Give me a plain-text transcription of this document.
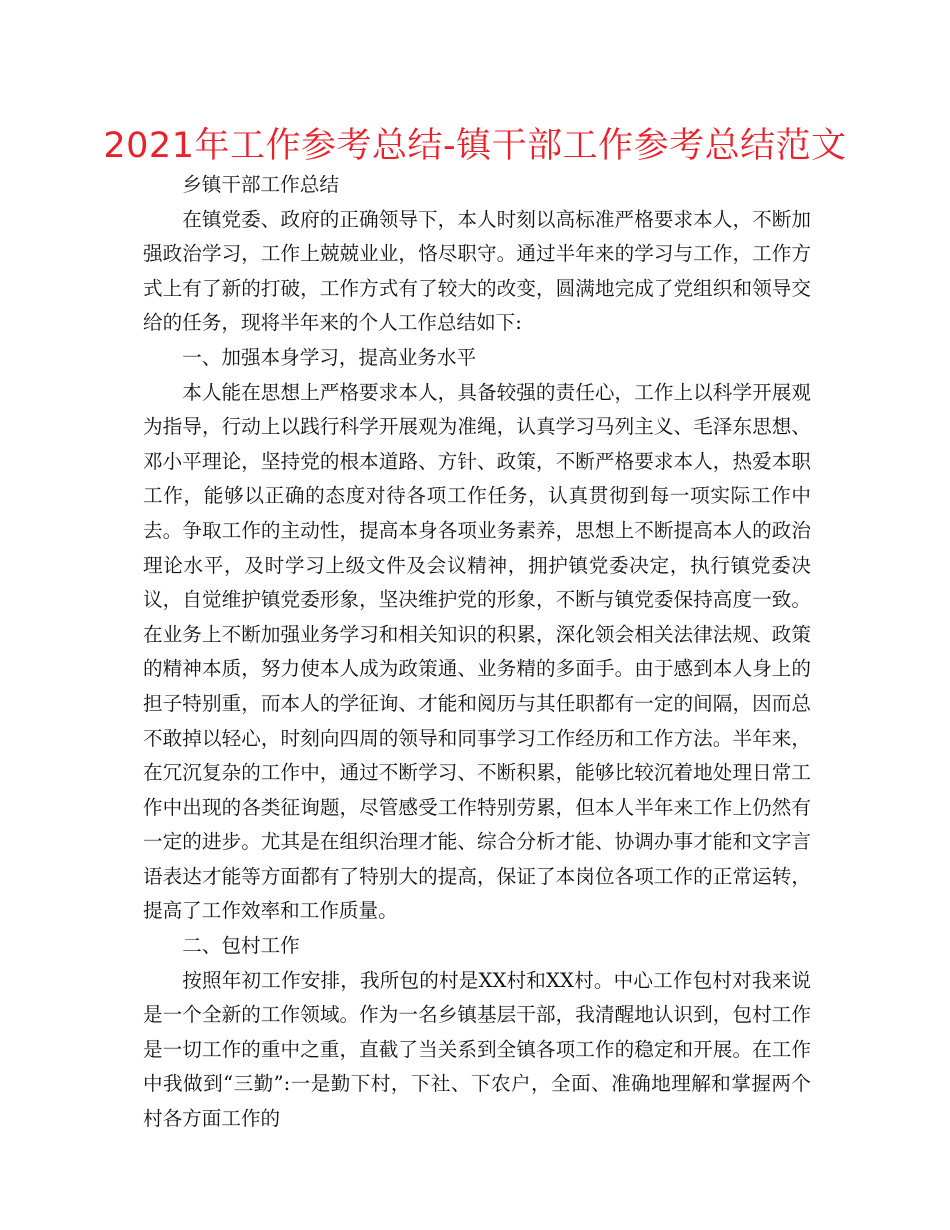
2021年工作参考总结-镇干部工作参考总结范文

乡镇干部工作总结

在镇党委、政府的正确领导下，本人时刻以高标准严格要求本人，不断加强政治学习，工作上兢兢业业，恪尽职守。通过半年来的学习与工作，工作方式上有了新的打破，工作方式有了较大的改变，圆满地完成了党组织和领导交给的任务，现将半年来的个人工作总结如下:

一、加强本身学习，提高业务水平

本人能在思想上严格要求本人，具备较强的责任心，工作上以科学开展观为指导，行动上以践行科学开展观为准绳，认真学习马列主义、毛泽东思想、邓小平理论，坚持党的根本道路、方针、政策，不断严格要求本人，热爱本职工作，能够以正确的态度对待各项工作任务，认真贯彻到每一项实际工作中去。争取工作的主动性，提高本身各项业务素养，思想上不断提高本人的政治理论水平，及时学习上级文件及会议精神，拥护镇党委决定，执行镇党委决议，自觉维护镇党委形象，坚决维护党的形象，不断与镇党委保持高度一致。在业务上不断加强业务学习和相关知识的积累，深化领会相关法律法规、政策的精神本质，努力使本人成为政策通、业务精的多面手。由于感到本人身上的担子特别重，而本人的学征询、才能和阅历与其任职都有一定的间隔，因而总不敢掉以轻心，时刻向四周的领导和同事学习工作经历和工作方法。半年来，在冗沉复杂的工作中，通过不断学习、不断积累，能够比较沉着地处理日常工作中出现的各类征询题，尽管感受工作特别劳累，但本人半年来工作上仍然有一定的进步。尤其是在组织治理才能、综合分析才能、协调办事才能和文字言语表达才能等方面都有了特别大的提高，保证了本岗位各项工作的正常运转，提高了工作效率和工作质量。

二、包村工作

按照年初工作安排，我所包的村是XX村和XX村。中心工作包村对我来说是一个全新的工作领域。作为一名乡镇基层干部，我清醒地认识到，包村工作是一切工作的重中之重，直截了当关系到全镇各项工作的稳定和开展。在工作中我做到“三勤”:一是勤下村，下社、下农户，全面、准确地理解和掌握两个村各方面工作的
